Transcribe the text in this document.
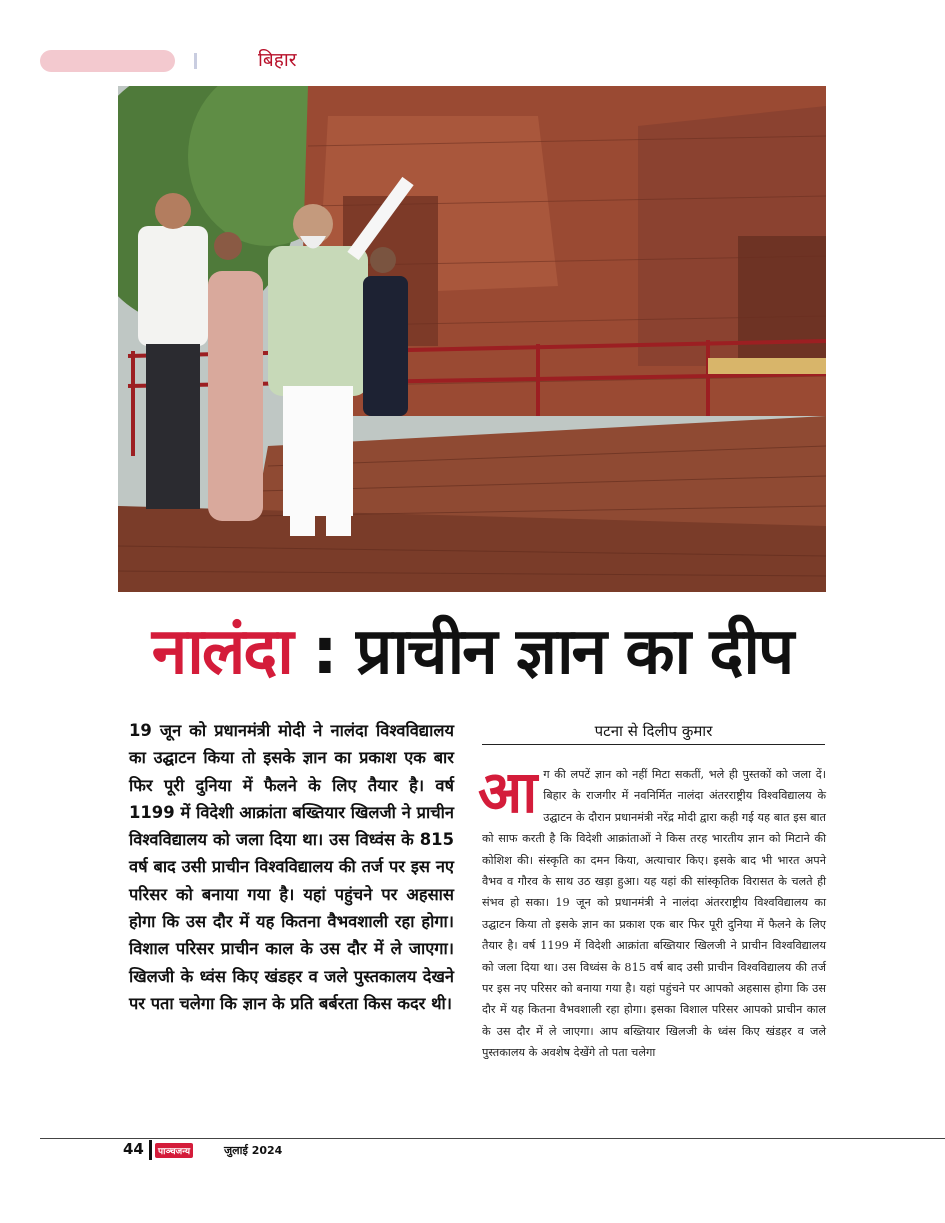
बिहार
नालंदा : प्राचीन ज्ञान का दीप
19 जून को प्रधानमंत्री मोदी ने नालंदा विश्वविद्यालय का उद्घाटन किया तो इसके ज्ञान का प्रकाश एक बार फिर पूरी दुनिया में फैलने के लिए तैयार है। वर्ष 1199 में विदेशी आक्रांता बख्तियार खिलजी ने प्राचीन विश्वविद्यालय को जला दिया था। उस विध्वंस के 815 वर्ष बाद उसी प्राचीन विश्वविद्यालय की तर्ज पर इस नए परिसर को बनाया गया है। यहां पहुंचने पर अहसास होगा कि उस दौर में यह कितना वैभवशाली रहा होगा। विशाल परिसर प्राचीन काल के उस दौर में ले जाएगा। खिलजी के ध्वंस किए खंडहर व जले पुस्तकालय देखने पर पता चलेगा कि ज्ञान के प्रति बर्बरता किस कदर थी।
पटना से दिलीप कुमार
आग की लपटें ज्ञान को नहीं मिटा सकतीं, भले ही पुस्तकों को जला दें। बिहार के राजगीर में नवनिर्मित नालंदा अंतरराष्ट्रीय विश्वविद्यालय के उद्घाटन के दौरान प्रधानमंत्री नरेंद्र मोदी द्वारा कही गई यह बात इस बात को साफ करती है कि विदेशी आक्रांताओं ने किस तरह भारतीय ज्ञान को मिटाने की कोशिश की। संस्कृति का दमन किया, अत्याचार किए। इसके बाद भी भारत अपने वैभव व गौरव के साथ उठ खड़ा हुआ। यह यहां की सांस्कृतिक विरासत के चलते ही संभव हो सका। 19 जून को प्रधानमंत्री ने नालंदा अंतरराष्ट्रीय विश्वविद्यालय का उद्घाटन किया तो इसके ज्ञान का प्रकाश एक बार फिर पूरी दुनिया में फैलने के लिए तैयार है। वर्ष 1199 में विदेशी आक्रांता बख्तियार खिलजी ने प्राचीन विश्वविद्यालय को जला दिया था। उस विध्वंस के 815 वर्ष बाद उसी प्राचीन विश्वविद्यालय की तर्ज पर इस नए परिसर को बनाया गया है। यहां पहुंचने पर आपको अहसास होगा कि उस दौर में यह कितना वैभवशाली रहा होगा। इसका विशाल परिसर आपको प्राचीन काल के उस दौर में ले जाएगा। आप बख्तियार खिलजी के ध्वंस किए खंडहर व जले पुस्तकालय के अवशेष देखेंगे तो पता चलेगा
44	पाञ्चजन्य	जुलाई 2024
